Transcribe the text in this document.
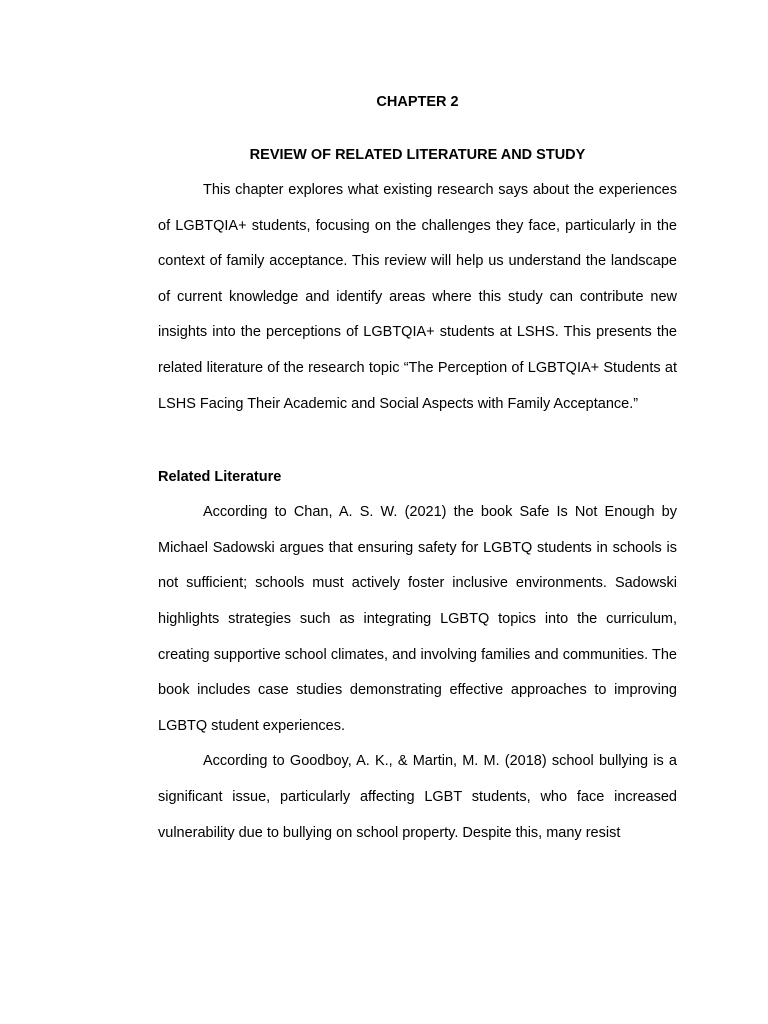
CHAPTER 2

REVIEW OF RELATED LITERATURE AND STUDY

This chapter explores what existing research says about the experiences of LGBTQIA+ students, focusing on the challenges they face, particularly in the context of family acceptance. This review will help us understand the landscape of current knowledge and identify areas where this study can contribute new insights into the perceptions of LGBTQIA+ students at LSHS. This presents the related literature of the research topic “The Perception of LGBTQIA+ Students at LSHS Facing Their Academic and Social Aspects with Family Acceptance.”

Related Literature

According to Chan, A. S. W. (2021) the book Safe Is Not Enough by Michael Sadowski argues that ensuring safety for LGBTQ students in schools is not sufficient; schools must actively foster inclusive environments. Sadowski highlights strategies such as integrating LGBTQ topics into the curriculum, creating supportive school climates, and involving families and communities. The book includes case studies demonstrating effective approaches to improving LGBTQ student experiences.

According to Goodboy, A. K., & Martin, M. M. (2018) school bullying is a significant issue, particularly affecting LGBT students, who face increased vulnerability due to bullying on school property. Despite this, many resist
